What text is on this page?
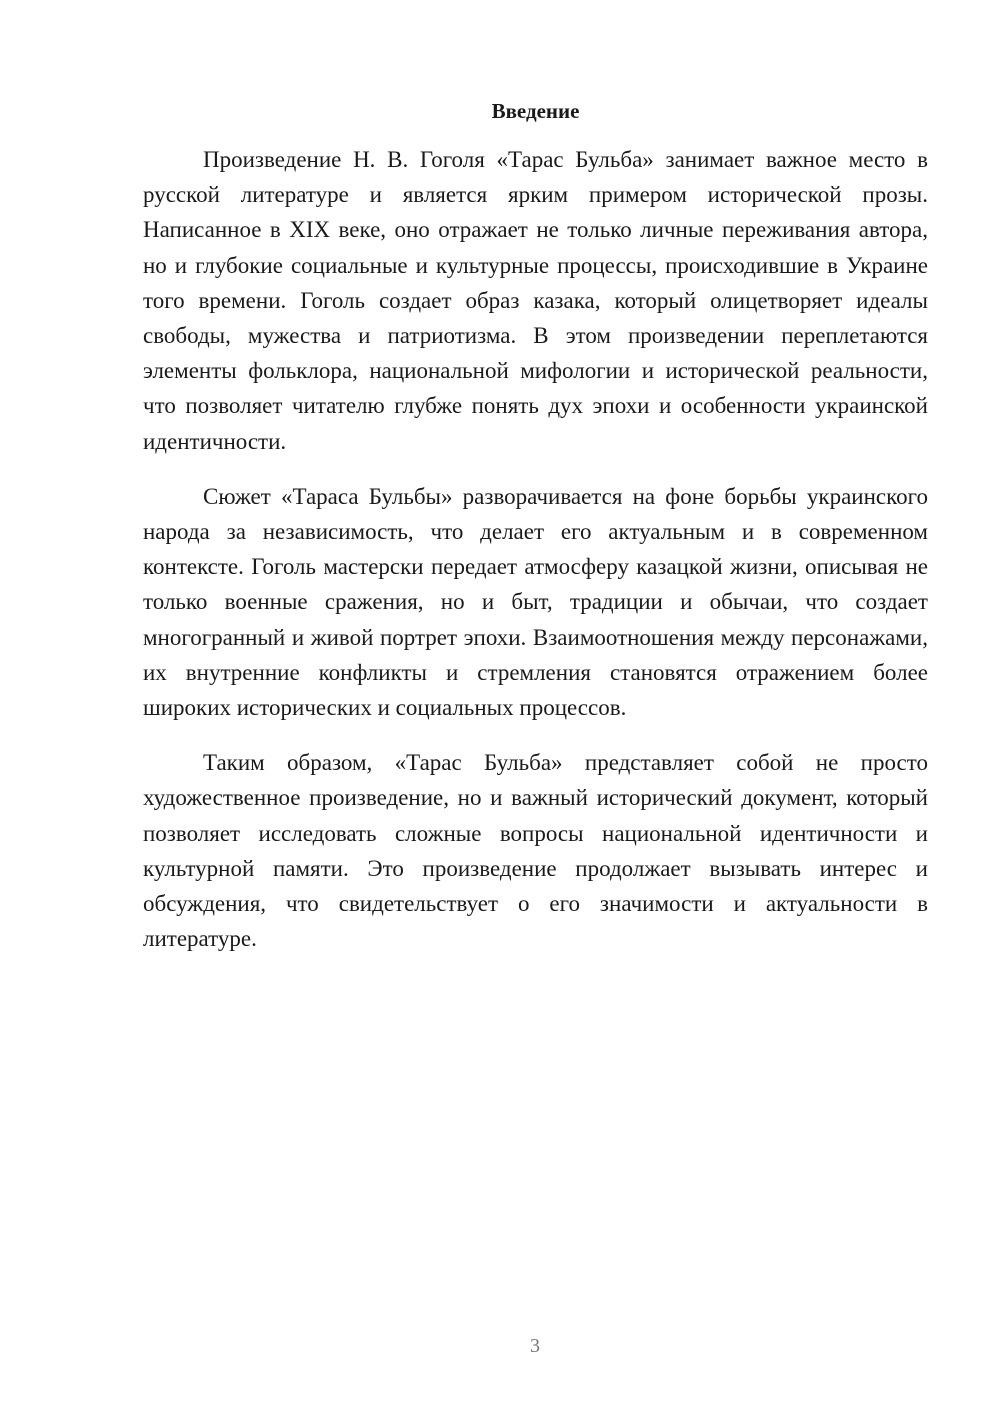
Введение

Произведение Н. В. Гоголя «Тарас Бульба» занимает важное место в русской литературе и является ярким примером исторической прозы. Написанное в XIX веке, оно отражает не только личные переживания автора, но и глубокие социальные и культурные процессы, происходившие в Украине того времени. Гоголь создает образ казака, который олицетворяет идеалы свободы, мужества и патриотизма. В этом произведении переплетаются элементы фольклора, национальной мифологии и исторической реальности, что позволяет читателю глубже понять дух эпохи и особенности украинской идентичности.

Сюжет «Тараса Бульбы» разворачивается на фоне борьбы украинского народа за независимость, что делает его актуальным и в современном контексте. Гоголь мастерски передает атмосферу казацкой жизни, описывая не только военные сражения, но и быт, традиции и обычаи, что создает многогранный и живой портрет эпохи. Взаимоотношения между персонажами, их внутренние конфликты и стремления становятся отражением более широких исторических и социальных процессов.

Таким образом, «Тарас Бульба» представляет собой не просто художественное произведение, но и важный исторический документ, который позволяет исследовать сложные вопросы национальной идентичности и культурной памяти. Это произведение продолжает вызывать интерес и обсуждения, что свидетельствует о его значимости и актуальности в литературе.

3
